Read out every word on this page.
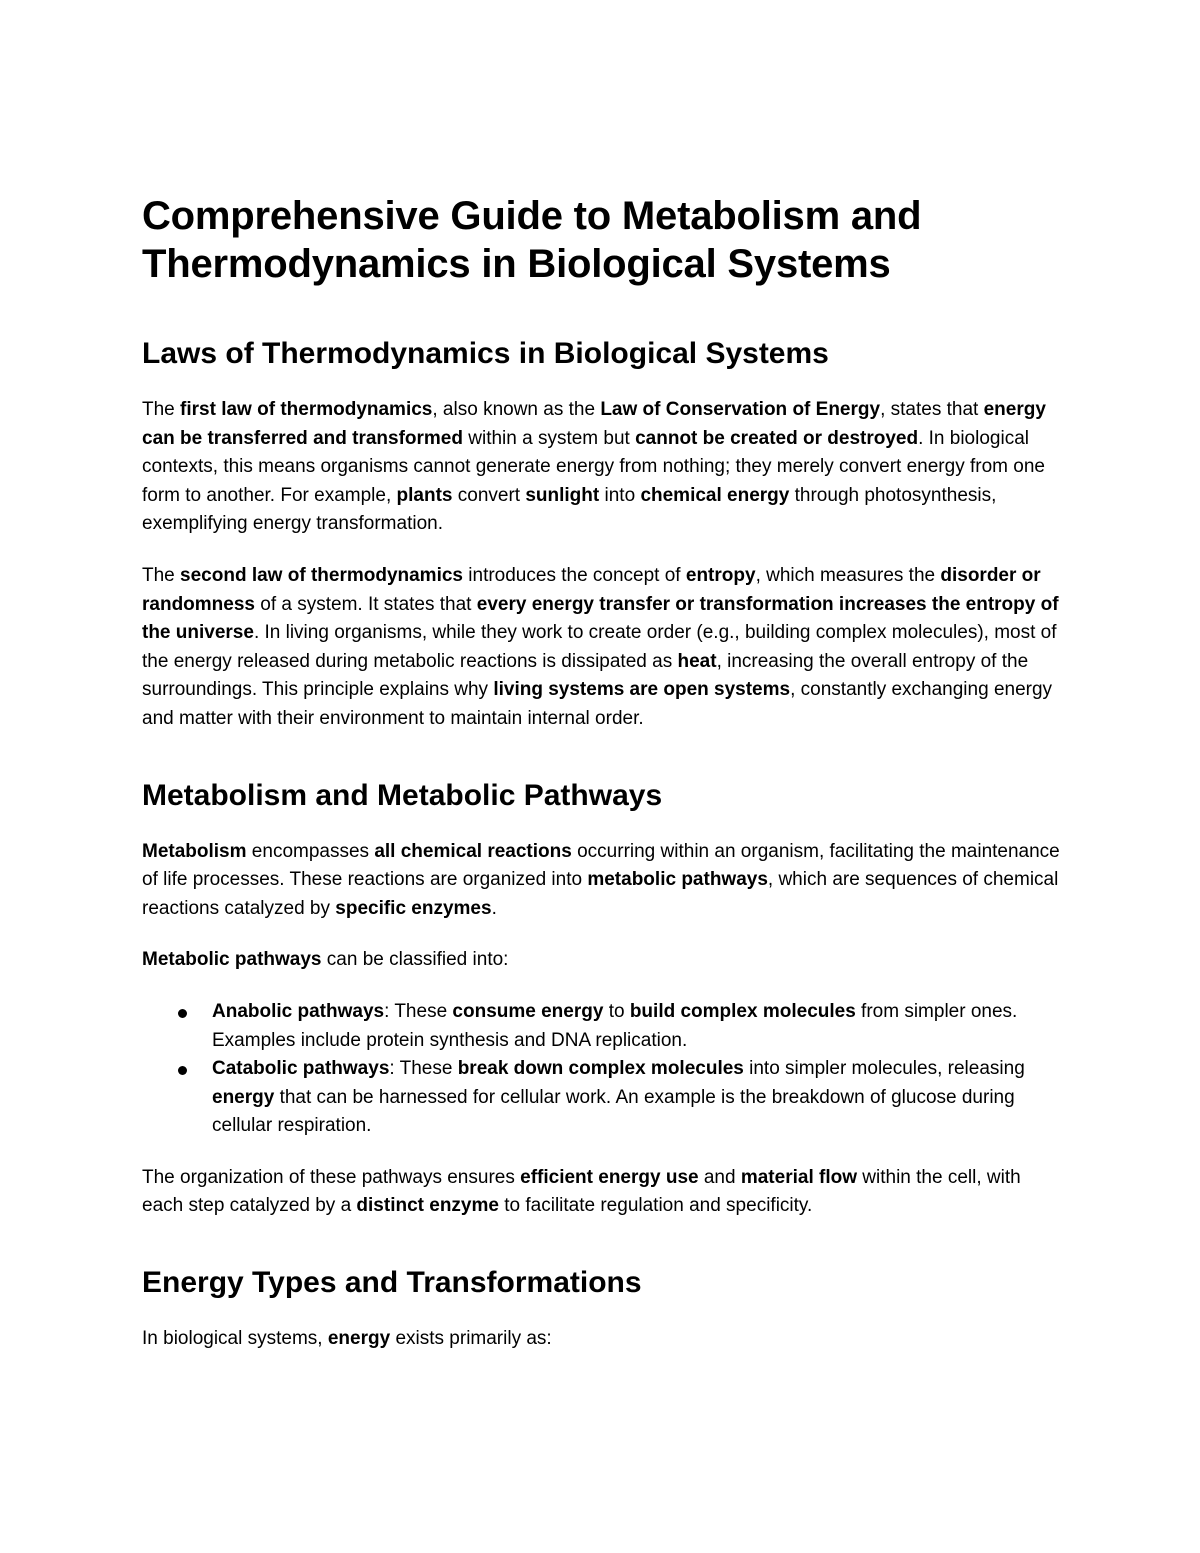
Comprehensive Guide to Metabolism and Thermodynamics in Biological Systems
Laws of Thermodynamics in Biological Systems

The first law of thermodynamics, also known as the Law of Conservation of Energy, states that energy can be transferred and transformed within a system but cannot be created or destroyed. In biological contexts, this means organisms cannot generate energy from nothing; they merely convert energy from one form to another. For example, plants convert sunlight into chemical energy through photosynthesis, exemplifying energy transformation.

The second law of thermodynamics introduces the concept of entropy, which measures the disorder or randomness of a system. It states that every energy transfer or transformation increases the entropy of the universe. In living organisms, while they work to create order (e.g., building complex molecules), most of the energy released during metabolic reactions is dissipated as heat, increasing the overall entropy of the surroundings. This principle explains why living systems are open systems, constantly exchanging energy and matter with their environment to maintain internal order.

Metabolism and Metabolic Pathways

Metabolism encompasses all chemical reactions occurring within an organism, facilitating the maintenance of life processes. These reactions are organized into metabolic pathways, which are sequences of chemical reactions catalyzed by specific enzymes.

Metabolic pathways can be classified into:

Anabolic pathways: These consume energy to build complex molecules from simpler ones. Examples include protein synthesis and DNA replication.
Catabolic pathways: These break down complex molecules into simpler molecules, releasing energy that can be harnessed for cellular work. An example is the breakdown of glucose during cellular respiration.

The organization of these pathways ensures efficient energy use and material flow within the cell, with each step catalyzed by a distinct enzyme to facilitate regulation and specificity.

Energy Types and Transformations

In biological systems, energy exists primarily as:
